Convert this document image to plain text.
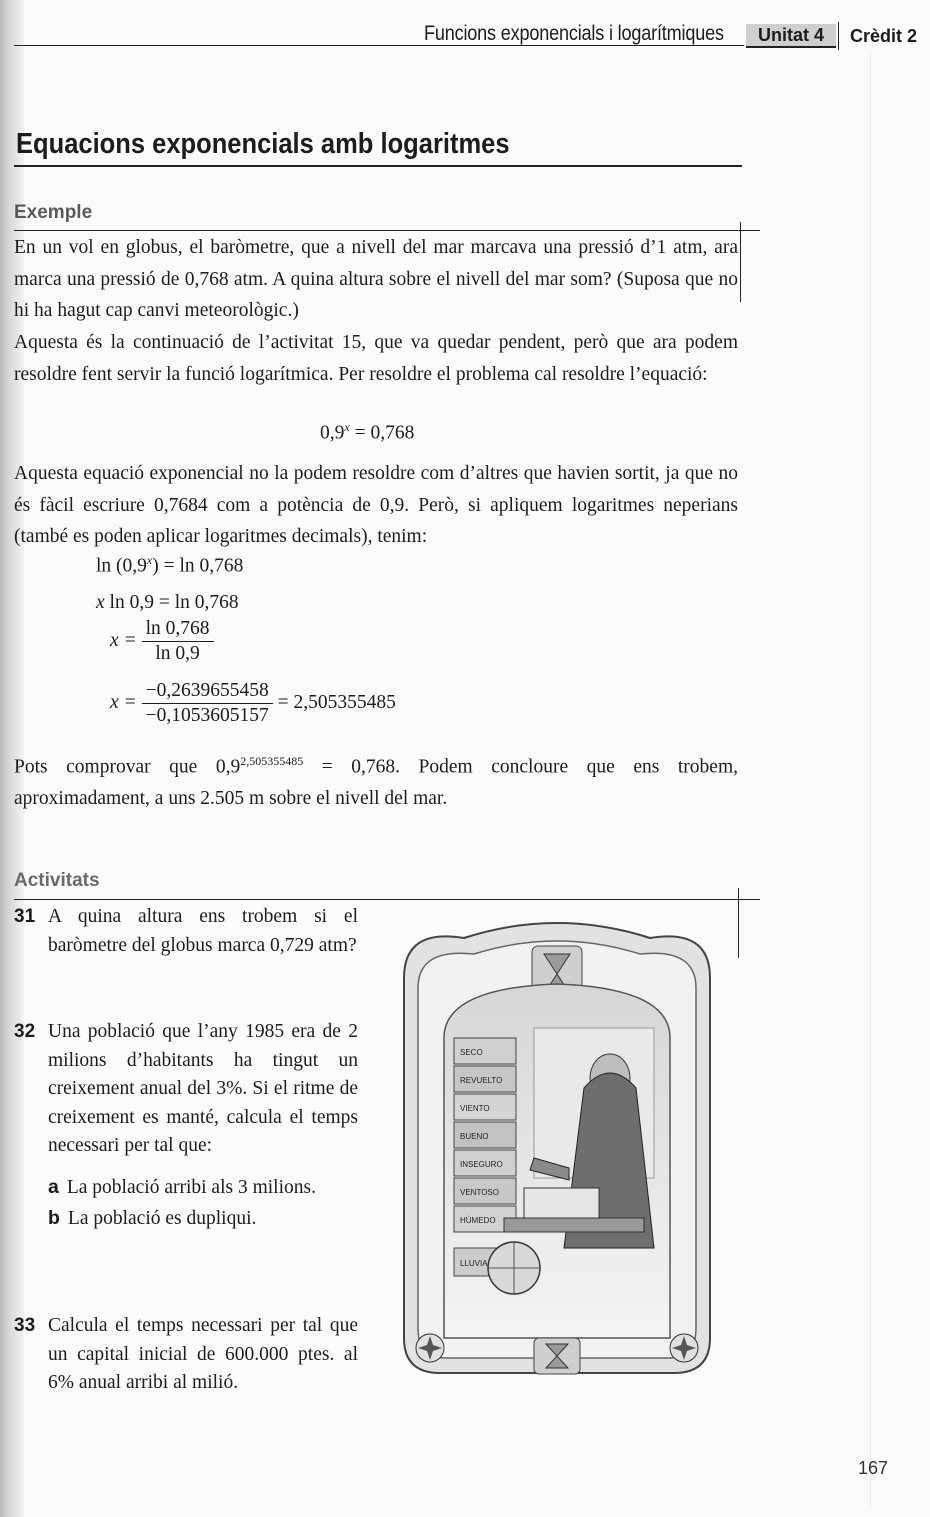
Funcions exponencials i logarítmiques	Unitat 4	Crèdit 2
Equacions exponencials amb logaritmes
Exemple
En un vol en globus, el baròmetre, que a nivell del mar marcava una pressió d’1 atm, ara marca una pressió de 0,768 atm. A quina altura sobre el nivell del mar som? (Suposa que no hi ha hagut cap canvi meteorològic.)
Aquesta és la continuació de l’activitat 15, que va quedar pendent, però que ara podem resoldre fent servir la funció logarítmica. Per resoldre el problema cal resoldre l’equació:
$0,9^x = 0,768$
Aquesta equació exponencial no la podem resoldre com d’altres que havien sortit, ja que no és fàcil escriure 0,7684 com a potència de 0,9. Però, si apliquem logaritmes neperians (també es poden aplicar logaritmes decimals), tenim:
$\ln (0,9^x) = \ln 0,768$
x ln 0,9 = ln 0,768
$x = \frac{\ln 0,768}{\ln 0,9}$
$x = \frac{-0,2639655458}{-0,1053605157} = 2,505355485$
Pots comprovar que $0,9^{2,505355485} = 0,768$. Podem concloure que ens trobem, aproximadament, a uns 2.505 m sobre el nivell del mar.
Activitats
31 A quina altura ens trobem si el baròmetre del globus marca 0,729 atm?
32 Una població que l’any 1985 era de 2 milions d’habitants ha tingut un creixement anual del 3%. Si el ritme de creixement es manté, calcula el temps necessari per tal que:
a La població arribi als 3 milions.
b La població es dupliqui.
33 Calcula el temps necessari per tal que un capital inicial de 600.000 ptes. al 6% anual arribi al milió.
SECO
REVUELTO
VIENTO
BUENO
INSEGURO
VENTOSO
HÚMEDO
LLUVIA
167
